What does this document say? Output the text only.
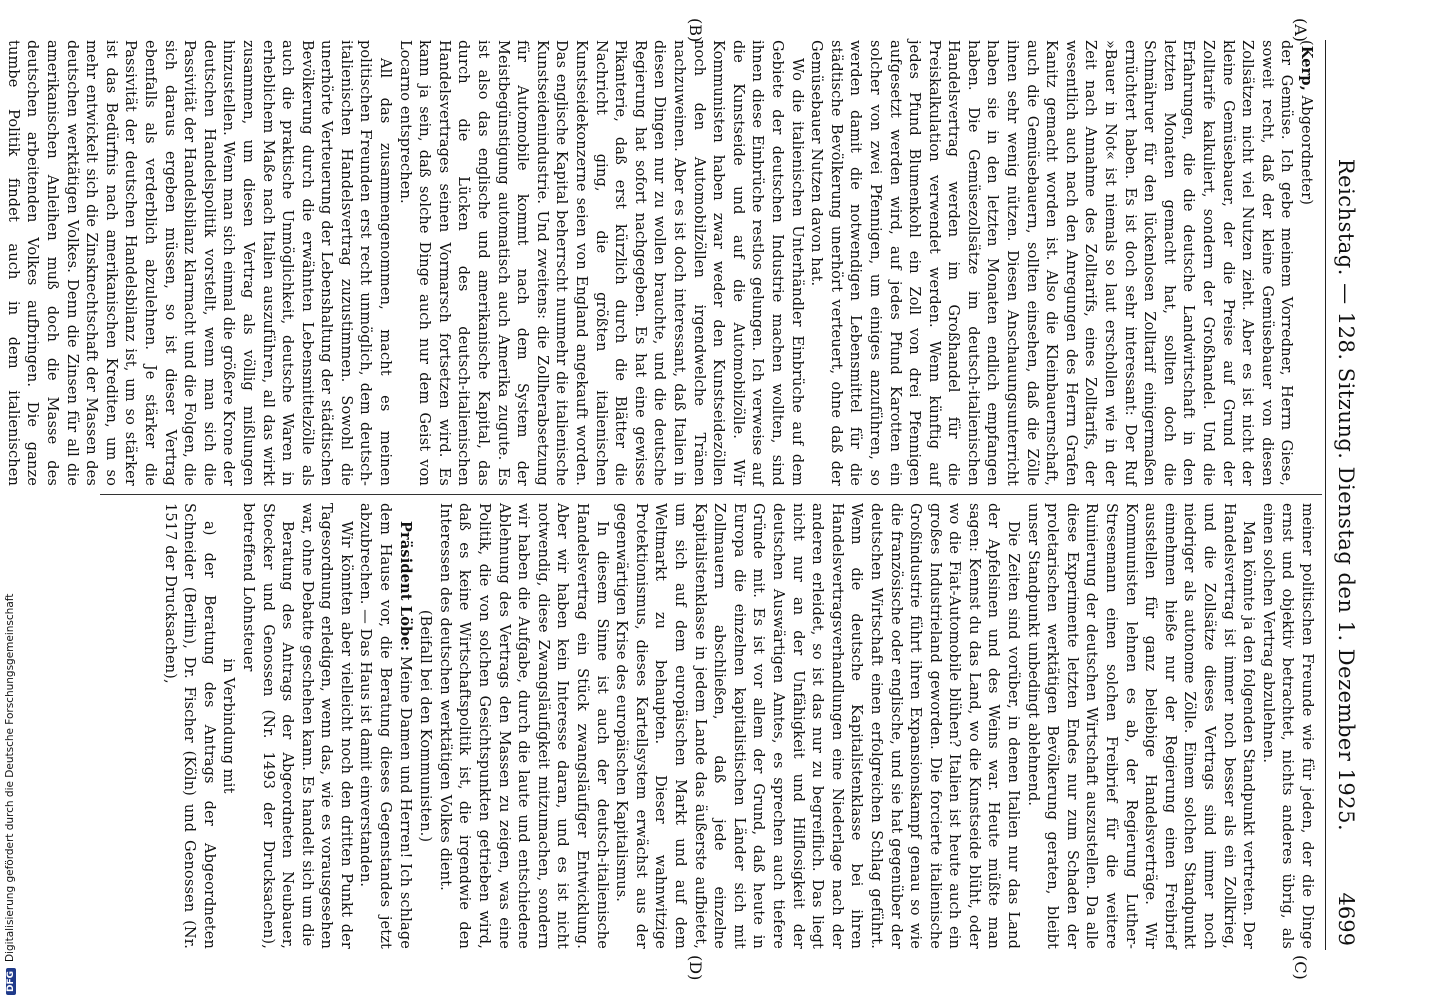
Reichstag. — 128. Sitzung. Dienstag den 1. Dezember 1925.
4699
(A)
(B)
(C)
(D)

(Kerp, Abgeordneter)

der Gemüse. Ich gebe meinem Vorredner, Herrn Giese, soweit recht, daß der kleine Gemüsebauer von diesen Zollsätzen nicht viel Nutzen zieht. Aber es ist nicht der kleine Gemüsebauer, der die Preise auf Grund der Zolltarife kalkuliert, sondern der Großhandel. Und die Erfahrungen, die die deutsche Landwirtschaft in den letzten Monaten gemacht hat, sollten doch die Schmähruer für den lückenlosen Zolltarif einigermaßen ernüchtert haben. Es ist doch sehr interessant: Der Ruf »Bauer in Not« ist niemals so laut erschollen wie in der Zeit nach Annahme des Zolltarifs, eines Zolltarifs, der wesentlich auch nach den Anregungen des Herrn Grafen Kanitz gemacht worden ist. Also die Kleinbauernschaft, auch die Gemüsebauern, sollten einsehen, daß die Zölle ihnen sehr wenig nützen. Diesen Anschauungsunterricht haben sie in den letzten Monaten endlich empfangen haben. Die Gemüsezollsätze im deutsch-italienischen Handelsvertrag werden im Großhandel für die Preiskalkulation verwendet werden. Wenn künftig auf jedes Pfund Blumenkohl ein Zoll von drei Pfennigen aufgesetzt werden wird, auf jedes Pfund Karotten ein solcher von zwei Pfennigen, um einiges anzuführen, so werden damit die notwendigen Lebensmittel für die städtische Bevölkerung unerhört verteuert, ohne daß der Gemüsebauer Nutzen davon hat.

Wo die italienischen Unterhändler Einbrüche auf dem Gebiete der deutschen Industrie machen wollten, sind ihnen diese Einbrüche restlos gelungen. Ich verweise auf die Kunstseide und auf die Automobilzölle. Wir Kommunisten haben zwar weder den Kunstseidezöllen noch den Automobilzöllen irgendwelche Tränen nachzuweinen. Aber es ist doch interessant, daß Italien in diesen Dingen nur zu wollen brauchte, und die deutsche Regierung hat sofort nachgegeben. Es hat eine gewisse Pikanterie, daß erst kürzlich durch die Blätter die Nachricht ging, die größten italienischen Kunstseidekonzerne seien von England angekauft worden. Das englische Kapital beherrscht nunmehr die italienische Kunstseidenindustrie. Und zweitens: die Zollherabsetzung für Automobile kommt nach dem System der Meistbegünstigung automatisch auch Amerika zugute. Es ist also das englische und amerikanische Kapital, das durch die Lücken des deutsch-italienischen Handelsvertrages seinen Vormarsch fortsetzen wird. Es kann ja sein, daß solche Dinge auch nur dem Geist von Locarno entsprechen.

All das zusammengenommen, macht es meinen politischen Freunden erst recht unmöglich, dem deutsch-italienischen Handelsvertrag zuzustimmen. Sowohl die unerhörte Verteuerung der Lebenshaltung der städtischen Bevölkerung durch die erwähnten Lebensmittelzölle als auch die praktische Unmöglichkeit, deutsche Waren in erheblichem Maße nach Italien auszuführen, all das wirkt zusammen, um diesen Vertrag als völlig mißlungen hinzustellen. Wenn man sich einmal die größere Krone der deutschen Handelspolitik vorstellt, wenn man sich die Passivität der Handelsbilanz klarmacht und die Folgen, die sich daraus ergeben müssen, so ist dieser Vertrag ebenfalls als verderblich abzulehnen. Je stärker die Passivität der deutschen Handelsbilanz ist, um so stärker ist das Bedürfnis nach amerikanischen Krediten, um so mehr entwickelt sich die Zinsknechtschaft der Massen des deutschen werktätigen Volkes. Denn die Zinsen für all die amerikanischen Anleihen muß doch die Masse des deutschen arbeitenden Volkes aufbringen. Die ganze tumbe Politik findet auch in dem italienischen

meiner politischen Freunde wie für jeden, der die Dinge ernst und objektiv betrachtet, nichts anderes übrig, als einen solchen Vertrag abzulehnen.

Man könnte ja den folgenden Standpunkt vertreten. Der Handelsvertrag ist immer noch besser als ein Zollkrieg, und die Zollsätze dieses Vertrags sind immer noch niedriger als autonome Zölle. Einem solchen Standpunkt einnehmen hieße nur der Regierung einen Freibrief ausstellen für ganz beliebige Handelsverträge. Wir Kommunisten lehnen es ab, der Regierung Luther-Stresemann einen solchen Freibrief für die weitere Ruinierung der deutschen Wirtschaft auszustellen. Da alle diese Experimente letzten Endes nur zum Schaden der proletarischen werktätigen Bevölkerung geraten, bleibt unser Standpunkt unbedingt ablehnend.

Die Zeiten sind vorüber, in denen Italien nur das Land der Apfelsinen und des Weins war. Heute müßte man sagen: Kennst du das Land, wo die Kunstseide blüht, oder wo die Fiat-Automobile blühen? Italien ist heute auch ein großes Industrieland geworden. Die forcierte italienische Großindustrie führt ihren Expansionskampf genau so wie die französische oder englische, und sie hat gegenüber der deutschen Wirtschaft einen erfolgreichen Schlag geführt. Wenn die deutsche Kapitalistenklasse bei ihren Handelsvertragsverhandlungen eine Niederlage nach der anderen erleidet, so ist das nur zu begreiflich. Das liegt nicht nur an der Unfähigkeit und Hilflosigkeit der deutschen Auswärtigen Amtes, es sprechen auch tiefere Gründe mit. Es ist vor allem der Grund, daß heute in Europa die einzelnen kapitalistischen Länder sich mit Zollmauern abschließen, daß jede einzelne Kapitalistenklasse in jedem Lande das äußerste aufbietet, um sich auf dem europäischen Markt und auf dem Weltmarkt zu behaupten. Dieser wahnwitzige Protektionismus, dieses Kartellsystem erwächst aus der gegenwärtigen Krise des europäischen Kapitalismus.

In diesem Sinne ist auch der deutsch-italienische Handelsvertrag ein Stück zwangsläufiger Entwicklung. Aber wir haben kein Interesse daran, und es ist nicht notwendig, diese Zwangsläufigkeit mitzumachen, sondern wir haben die Aufgabe, durch die laute und entschiedene Ablehnung des Vertrags den Massen zu zeigen, was eine Politik, die von solchen Gesichtspunkten getrieben wird, daß es keine Wirtschaftspolitik ist, die irgendwie den Interessen des deutschen werktätigen Volkes dient.

(Beifall bei den Kommunisten.)

Präsident Löbe: Meine Damen und Herren! Ich schlage dem Hause vor, die Beratung dieses Gegenstandes jetzt abzubrechen. — Das Haus ist damit einverstanden.

Wir könnten aber vielleicht noch den dritten Punkt der Tagesordnung erledigen, wenn das, wie es vorausgesehen war, ohne Debatte geschehen kann. Es handelt sich um die

Beratung des Antrags der Abgeordneten Neubauer, Stoecker und Genossen (Nr. 1493 der Drucksachen), betreffend Lohnsteuer

in Verbindung mit

a) der Beratung des Antrags der Abgeordneten Schneider (Berlin), Dr. Fischer (Köln) und Genossen (Nr. 1517 der Drucksachen),

DFGDigitalisierung gefördert durch die Deutsche Forschungsgemeinschaft
